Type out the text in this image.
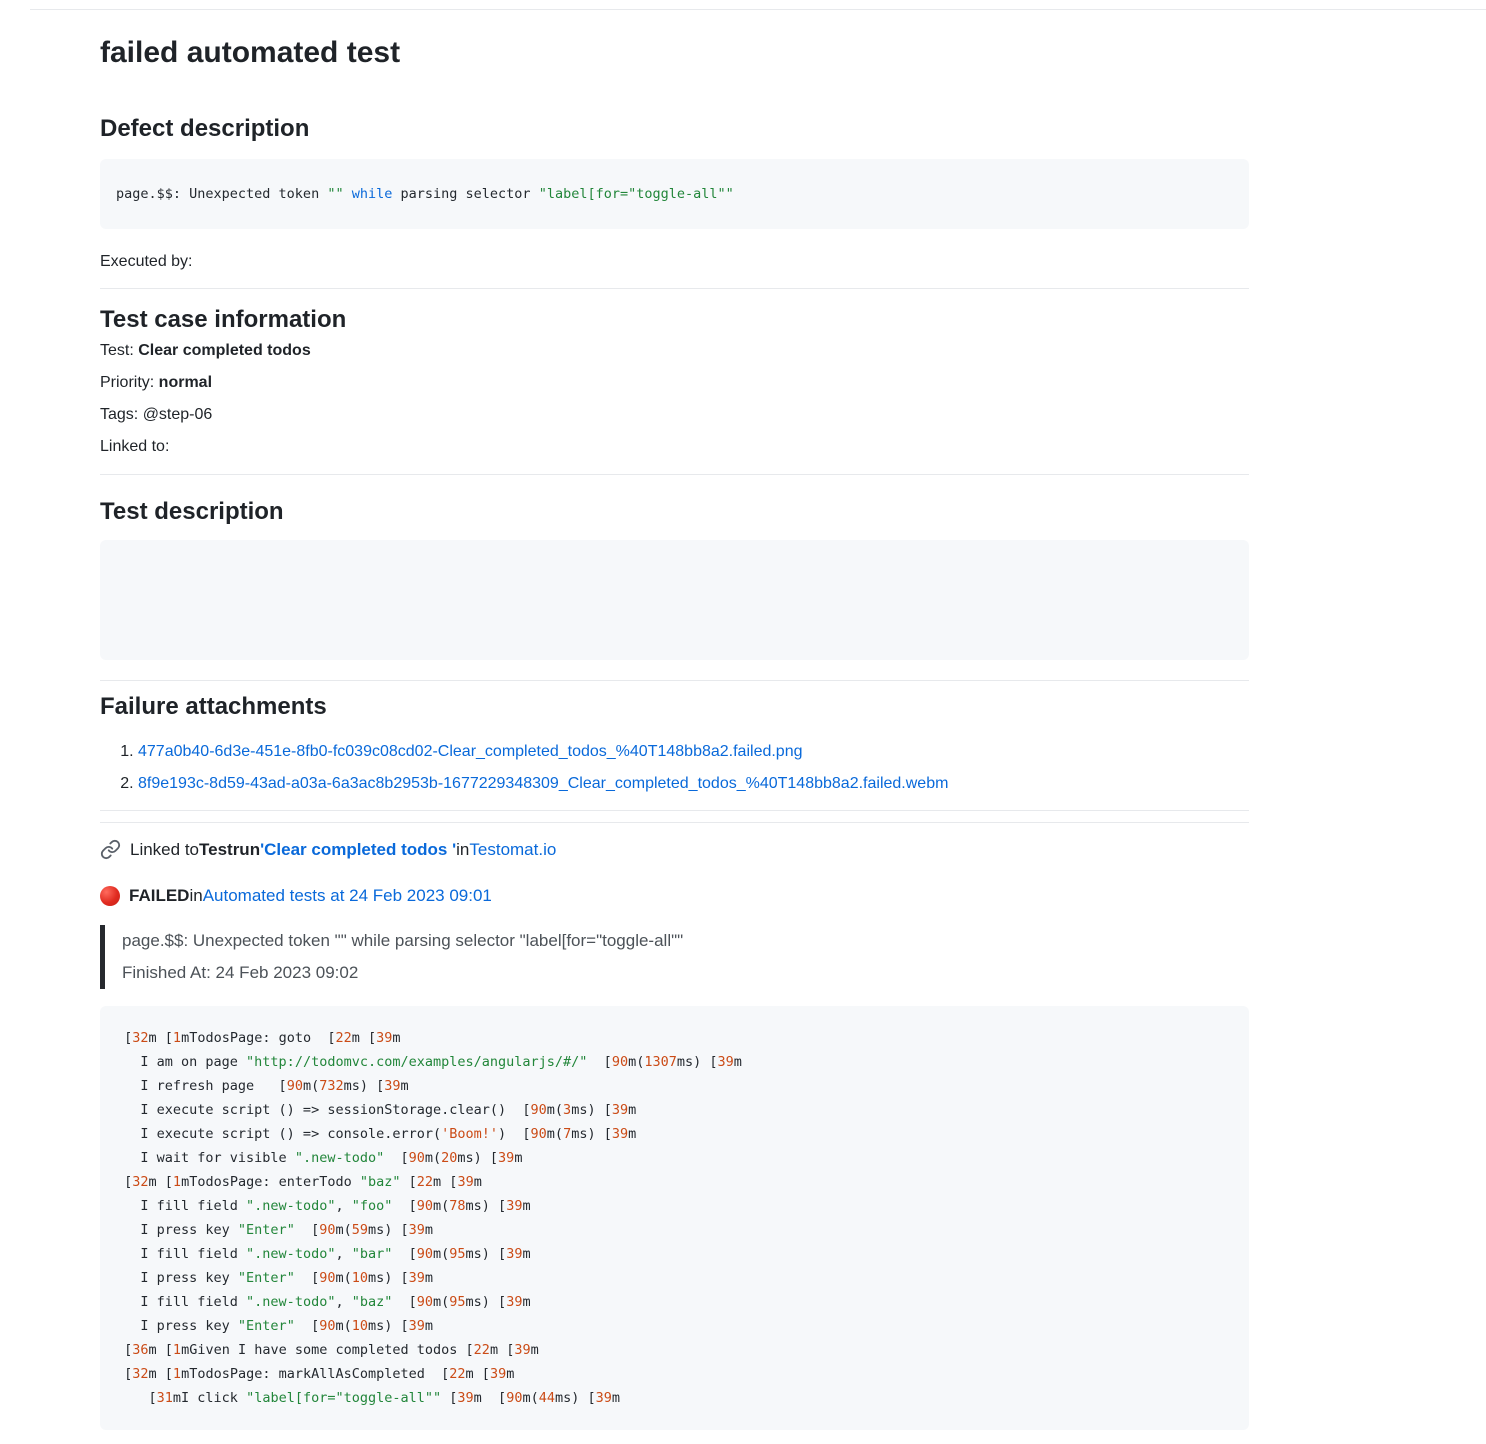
failed automated test
Defect description
page.$$: Unexpected token "" while parsing selector "label[for="toggle-all""

Executed by:

Test case information
Test: Clear completed todos
Priority: normal
Tags: @step-06
Linked to:
Test description
Failure attachments
1. 477a0b40-6d3e-451e-8fb0-fc039c08cd02-Clear_completed_todos_%40T148bb8a2.failed.png
2. 8f9e193c-8d59-43ad-a03a-6a3ac8b2953b-1677229348309_Clear_completed_todos_%40T148bb8a2.failed.webm

Linked to Testrun 'Clear completed todos ' in Testomat.io

FAILED in Automated tests at 24 Feb 2023 09:01

page.$$: Unexpected token "" while parsing selector "label[for="toggle-all""
Finished At: 24 Feb 2023 09:02
[32m [1mTodosPage: goto  [22m [39m
I am on page "http://todomvc.com/examples/angularjs/#/"  [90m(1307ms) [39m
I refresh page   [90m(732ms) [39m
I execute script () => sessionStorage.clear()  [90m(3ms) [39m
I execute script () => console.error('Boom!')  [90m(7ms) [39m
I wait for visible ".new-todo"  [90m(20ms) [39m
[32m [1mTodosPage: enterTodo "baz" [22m [39m
I fill field ".new-todo", "foo"  [90m(78ms) [39m
I press key "Enter"  [90m(59ms) [39m
I fill field ".new-todo", "bar"  [90m(95ms) [39m
I press key "Enter"  [90m(10ms) [39m
I fill field ".new-todo", "baz"  [90m(95ms) [39m
I press key "Enter"  [90m(10ms) [39m
[36m [1mGiven I have some completed todos [22m [39m
[32m [1mTodosPage: markAllAsCompleted  [22m [39m
[31mI click "label[for="toggle-all"" [39m  [90m(44ms) [39m
